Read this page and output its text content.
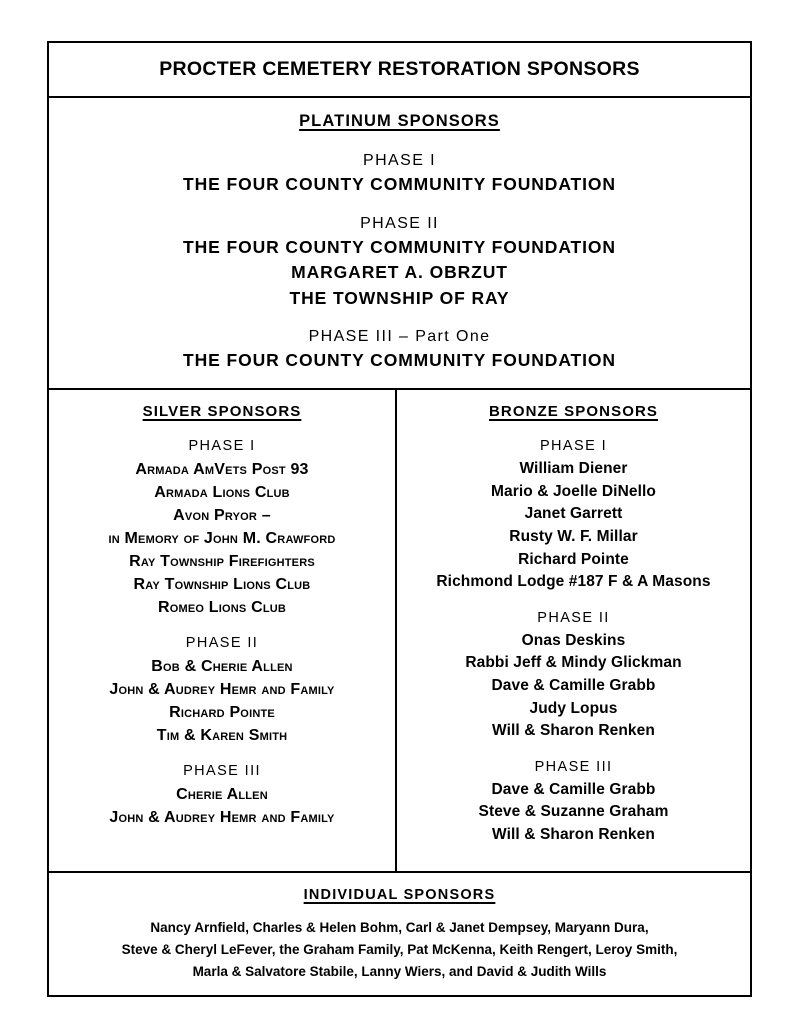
PROCTER CEMETERY RESTORATION SPONSORS
PLATINUM SPONSORS
PHASE I
THE FOUR COUNTY COMMUNITY FOUNDATION
PHASE II
THE FOUR COUNTY COMMUNITY FOUNDATION
MARGARET A. OBRZUT
THE TOWNSHIP OF RAY
PHASE III – Part One
THE FOUR COUNTY COMMUNITY FOUNDATION
SILVER SPONSORS
PHASE I
Armada AmVets Post 93
Armada Lions Club
Avon Pryor –
in Memory of John M. Crawford
Ray Township Firefighters
Ray Township Lions Club
Romeo Lions Club
PHASE II
Bob & Cherie Allen
John & Audrey Hemr and Family
Richard Pointe
Tim & Karen Smith
PHASE III
Cherie Allen
John & Audrey Hemr and Family
BRONZE SPONSORS
PHASE I
William Diener
Mario & Joelle DiNello
Janet Garrett
Rusty W. F. Millar
Richard Pointe
Richmond Lodge #187 F & A Masons
PHASE II
Onas Deskins
Rabbi Jeff & Mindy Glickman
Dave & Camille Grabb
Judy Lopus
Will & Sharon Renken
PHASE III
Dave & Camille Grabb
Steve & Suzanne Graham
Will & Sharon Renken
INDIVIDUAL SPONSORS
Nancy Arnfield, Charles & Helen Bohm, Carl & Janet Dempsey, Maryann Dura,
Steve & Cheryl LeFever, the Graham Family, Pat McKenna, Keith Rengert, Leroy Smith,
Marla & Salvatore Stabile, Lanny Wiers, and David & Judith Wills
